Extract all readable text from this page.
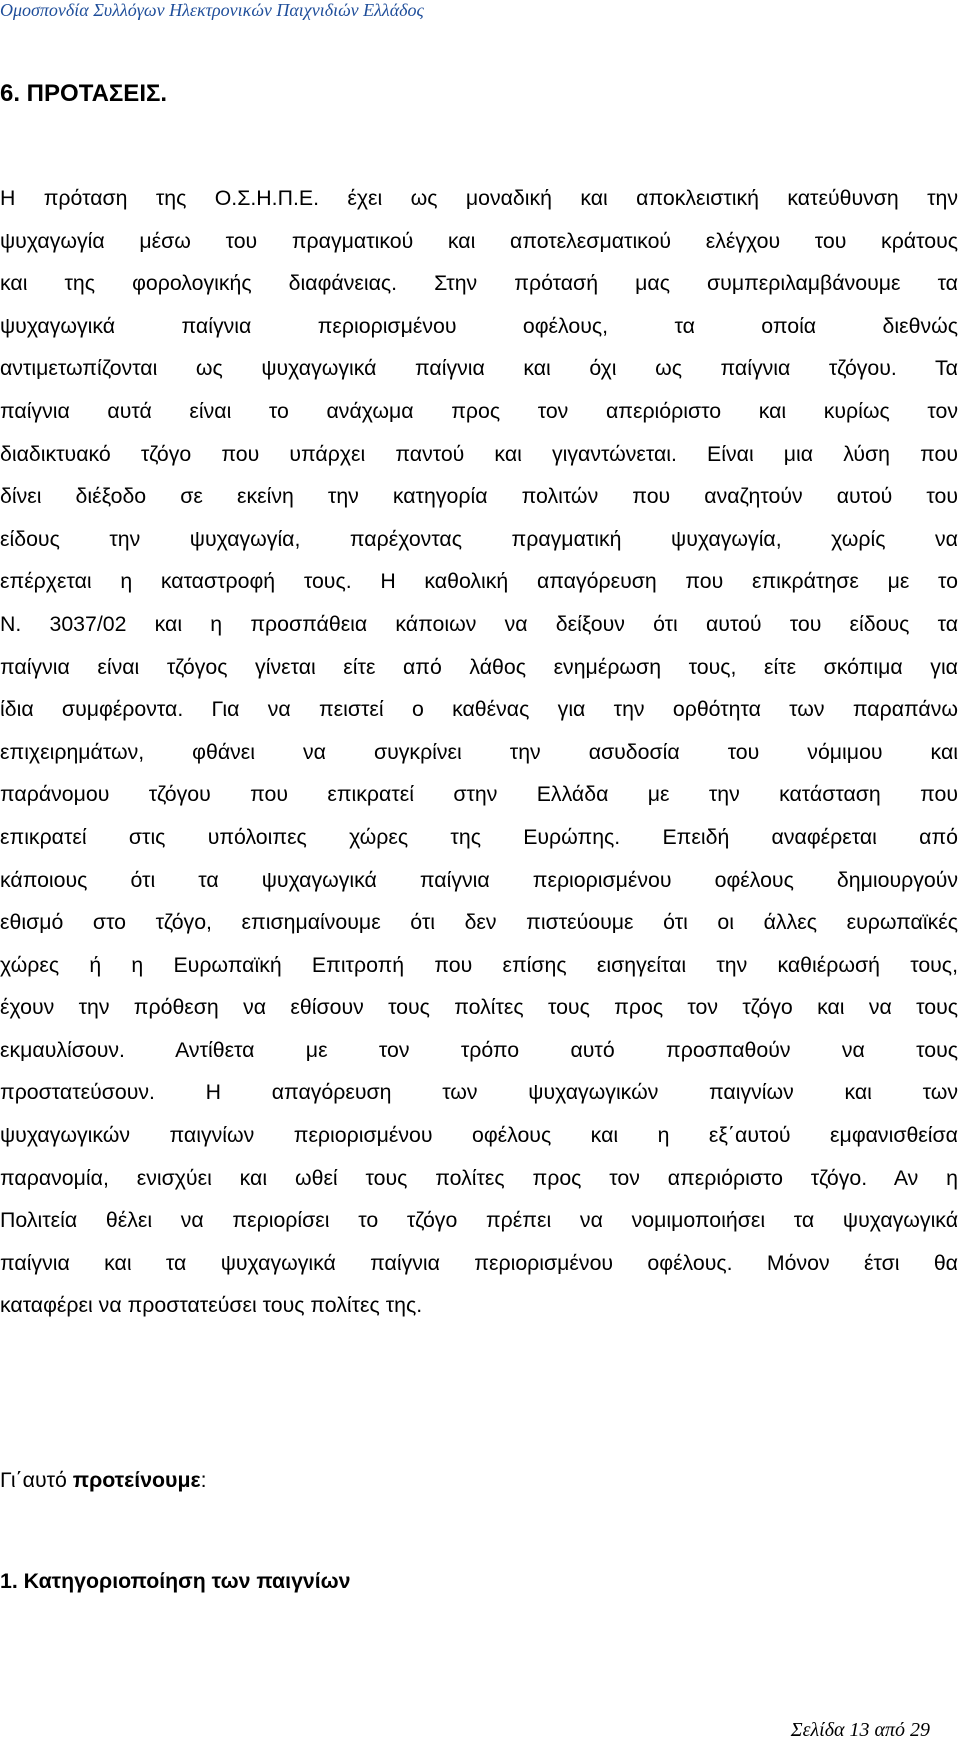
Ομοσπονδία Συλλόγων Ηλεκτρονικών Παιχνιδιών Ελλάδος
6. ΠΡΟΤΑΣΕΙΣ.
Η πρόταση της Ο.Σ.Η.Π.Ε. έχει ως μοναδική και αποκλειστική κατεύθυνση την
ψυχαγωγία μέσω του πραγματικού και αποτελεσματικού ελέγχου του κράτους
και της φορολογικής διαφάνειας. Στην πρότασή μας συμπεριλαμβάνουμε τα
ψυχαγωγικά παίγνια περιορισμένου οφέλους, τα οποία διεθνώς
αντιμετωπίζονται ως ψυχαγωγικά παίγνια και όχι ως παίγνια τζόγου. Τα
παίγνια αυτά είναι το ανάχωμα προς τον απεριόριστο και κυρίως τον
διαδικτυακό τζόγο που υπάρχει παντού και γιγαντώνεται. Είναι μια λύση που
δίνει διέξοδο σε εκείνη την κατηγορία πολιτών που αναζητούν αυτού του
είδους την ψυχαγωγία, παρέχοντας πραγματική ψυχαγωγία, χωρίς να
επέρχεται η καταστροφή τους. Η καθολική απαγόρευση που επικράτησε με το
Ν. 3037/02 και η προσπάθεια κάποιων να δείξουν ότι αυτού του είδους τα
παίγνια είναι τζόγος γίνεται είτε από λάθος ενημέρωση τους, είτε σκόπιμα για
ίδια συμφέροντα. Για να πειστεί ο καθένας για την ορθότητα των παραπάνω
επιχειρημάτων, φθάνει να συγκρίνει την ασυδοσία του νόμιμου και
παράνομου τζόγου που επικρατεί στην Ελλάδα με την κατάσταση που
επικρατεί στις υπόλοιπες χώρες της Ευρώπης. Επειδή αναφέρεται από
κάποιους ότι τα ψυχαγωγικά παίγνια περιορισμένου οφέλους δημιουργούν
εθισμό στο τζόγο, επισημαίνουμε ότι δεν πιστεύουμε ότι οι άλλες ευρωπαϊκές
χώρες ή η Ευρωπαϊκή Επιτροπή που επίσης εισηγείται την καθιέρωσή τους,
έχουν την πρόθεση να εθίσουν τους πολίτες τους προς τον τζόγο και να τους
εκμαυλίσουν. Αντίθετα με τον τρόπο αυτό προσπαθούν να τους
προστατεύσουν. Η απαγόρευση των ψυχαγωγικών παιγνίων και των
ψυχαγωγικών παιγνίων περιορισμένου οφέλους και η εξ΄αυτού εμφανισθείσα
παρανομία, ενισχύει και ωθεί τους πολίτες προς τον απεριόριστο τζόγο. Αν η
Πολιτεία θέλει να περιορίσει το τζόγο πρέπει να νομιμοποιήσει τα ψυχαγωγικά
παίγνια και τα ψυχαγωγικά παίγνια περιορισμένου οφέλους. Μόνον έτσι θα
καταφέρει να προστατεύσει τους πολίτες της.
Γι΄αυτό προτείνουμε:
1. Κατηγοριοποίηση των παιγνίων
Σελίδα 13 από 29
